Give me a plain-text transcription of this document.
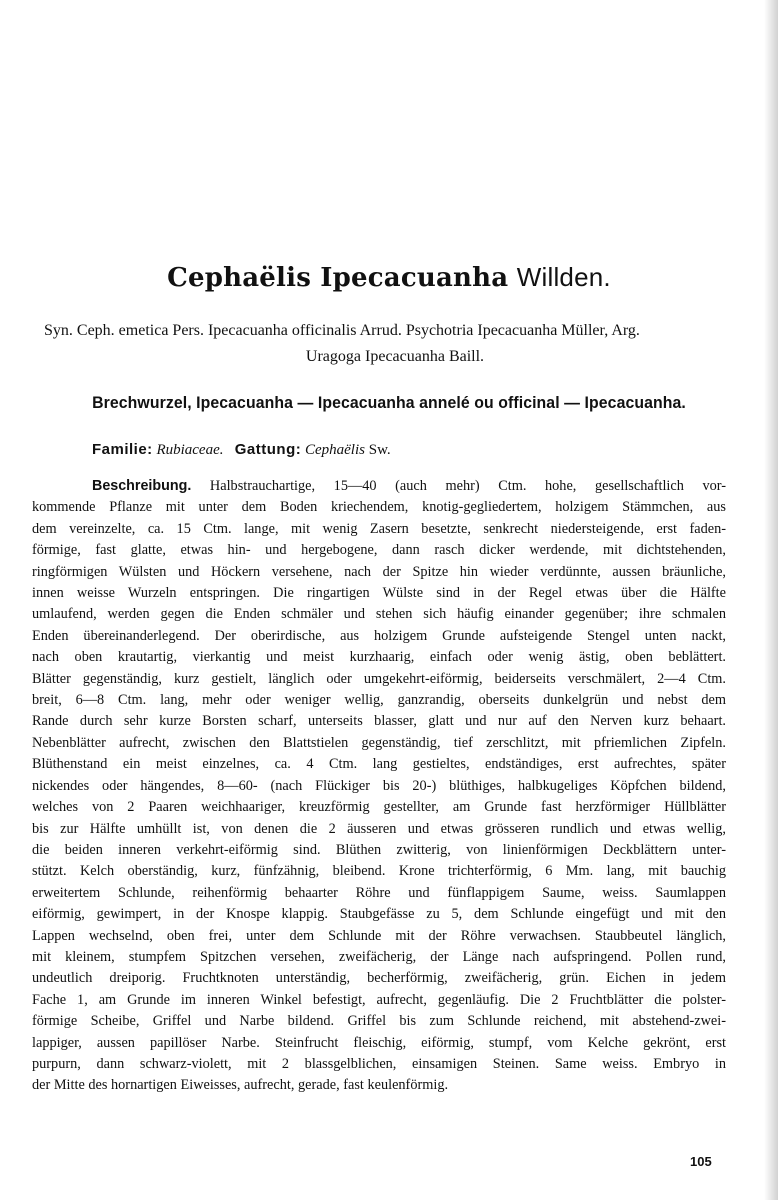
Cephaëlis Ipecacuanha Willden.
Syn. Ceph. emetica Pers. Ipecacuanha officinalis Arrud. Psychotria Ipecacuanha Müller, Arg.
Uragoga Ipecacuanha Baill.
Brechwurzel, Ipecacuanha — Ipecacuanha annelé ou officinal — Ipecacuanha.
Familie: Rubiaceae. Gattung: Cephaëlis Sw.
Beschreibung. Halbstrauchartige, 15—40 (auch mehr) Ctm. hohe, gesellschaftlich vor-
kommende Pflanze mit unter dem Boden kriechendem, knotig-gegliedertem, holzigem Stämmchen, aus
dem vereinzelte, ca. 15 Ctm. lange, mit wenig Zasern besetzte, senkrecht niedersteigende, erst faden-
förmige, fast glatte, etwas hin- und hergebogene, dann rasch dicker werdende, mit dichtstehenden,
ringförmigen Wülsten und Höckern versehene, nach der Spitze hin wieder verdünnte, aussen bräunliche,
innen weisse Wurzeln entspringen. Die ringartigen Wülste sind in der Regel etwas über die Hälfte
umlaufend, werden gegen die Enden schmäler und stehen sich häufig einander gegenüber; ihre schmalen
Enden übereinanderlegend. Der oberirdische, aus holzigem Grunde aufsteigende Stengel unten nackt,
nach oben krautartig, vierkantig und meist kurzhaarig, einfach oder wenig ästig, oben beblättert.
Blätter gegenständig, kurz gestielt, länglich oder umgekehrt-eiförmig, beiderseits verschmälert, 2—4 Ctm.
breit, 6—8 Ctm. lang, mehr oder weniger wellig, ganzrandig, oberseits dunkelgrün und nebst dem
Rande durch sehr kurze Borsten scharf, unterseits blasser, glatt und nur auf den Nerven kurz behaart.
Nebenblätter aufrecht, zwischen den Blattstielen gegenständig, tief zerschlitzt, mit pfriemlichen Zipfeln.
Blüthenstand ein meist einzelnes, ca. 4 Ctm. lang gestieltes, endständiges, erst aufrechtes, später
nickendes oder hängendes, 8—60- (nach Flückiger bis 20-) blüthiges, halbkugeliges Köpfchen bildend,
welches von 2 Paaren weichhaariger, kreuzförmig gestellter, am Grunde fast herzförmiger Hüllblätter
bis zur Hälfte umhüllt ist, von denen die 2 äusseren und etwas grösseren rundlich und etwas wellig,
die beiden inneren verkehrt-eiförmig sind. Blüthen zwitterig, von linienförmigen Deckblättern unter-
stützt. Kelch oberständig, kurz, fünfzähnig, bleibend. Krone trichterförmig, 6 Mm. lang, mit bauchig
erweitertem Schlunde, reihenförmig behaarter Röhre und fünflappigem Saume, weiss. Saumlappen
eiförmig, gewimpert, in der Knospe klappig. Staubgefässe zu 5, dem Schlunde eingefügt und mit den
Lappen wechselnd, oben frei, unter dem Schlunde mit der Röhre verwachsen. Staubbeutel länglich,
mit kleinem, stumpfem Spitzchen versehen, zweifächerig, der Länge nach aufspringend. Pollen rund,
undeutlich dreiporig. Fruchtknoten unterständig, becherförmig, zweifächerig, grün. Eichen in jedem
Fache 1, am Grunde im inneren Winkel befestigt, aufrecht, gegenläufig. Die 2 Fruchtblätter die polster-
förmige Scheibe, Griffel und Narbe bildend. Griffel bis zum Schlunde reichend, mit abstehend-zwei-
lappiger, aussen papillöser Narbe. Steinfrucht fleischig, eiförmig, stumpf, vom Kelche gekrönt, erst
purpurn, dann schwarz-violett, mit 2 blassgelblichen, einsamigen Steinen. Same weiss. Embryo in
der Mitte des hornartigen Eiweisses, aufrecht, gerade, fast keulenförmig.
105
